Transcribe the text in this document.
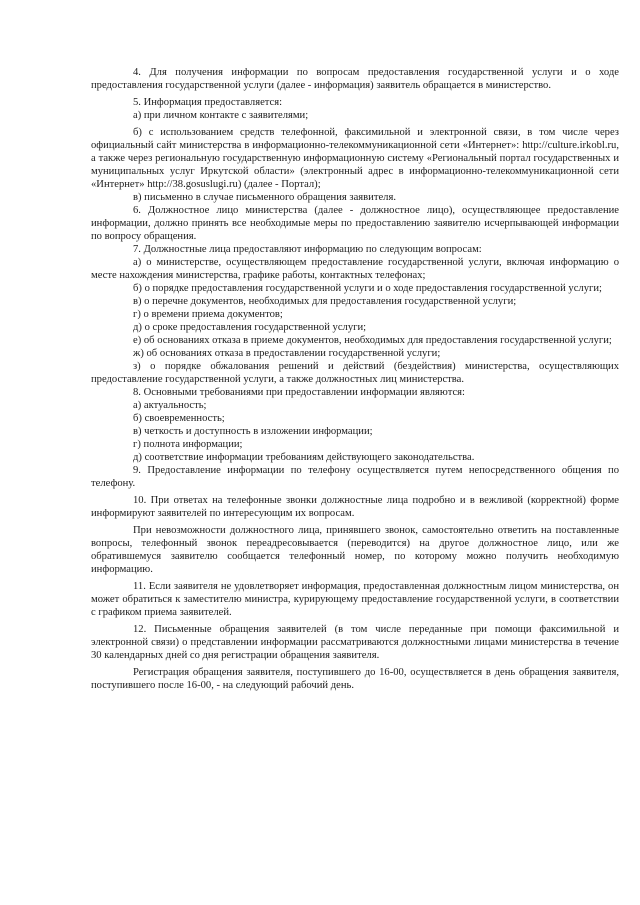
4. Для получения информации по вопросам предоставления государственной услуги и о ходе предоставления государственной услуги (далее - информация) заявитель обращается в министерство.

5. Информация предоставляется:

а) при личном контакте с заявителями;

б) с использованием средств телефонной, факсимильной и электронной связи, в том числе через официальный сайт министерства в информационно-телекоммуникационной сети «Интернет»: http://culture.irkobl.ru, а также через региональную государственную информационную систему «Региональный портал государственных и муниципальных услуг Иркутской области» (электронный адрес в информационно-телекоммуникационной сети «Интернет» http://38.gosuslugi.ru) (далее - Портал);

в) письменно в случае письменного обращения заявителя.

6. Должностное лицо министерства (далее - должностное лицо), осуществляющее предоставление информации, должно принять все необходимые меры по предоставлению заявителю исчерпывающей информации по вопросу обращения.

7. Должностные лица предоставляют информацию по следующим вопросам:

а) о министерстве, осуществляющем предоставление государственной услуги, включая информацию о месте нахождения министерства, графике работы, контактных телефонах;

б) о порядке предоставления государственной услуги и о ходе предоставления государственной услуги;

в) о перечне документов, необходимых для предоставления государственной услуги;

г) о времени приема документов;

д) о сроке предоставления государственной услуги;

е) об основаниях отказа в приеме документов, необходимых для предоставления государственной услуги;

ж) об основаниях отказа в предоставлении государственной услуги;

з) о порядке обжалования решений и действий (бездействия) министерства, осуществляющих предоставление государственной услуги, а также должностных лиц министерства.

8. Основными требованиями при предоставлении информации являются:

а) актуальность;

б) своевременность;

в) четкость и доступность в изложении информации;

г) полнота информации;

д) соответствие информации требованиям действующего законодательства.

9. Предоставление информации по телефону осуществляется путем непосредственного общения по телефону.

10. При ответах на телефонные звонки должностные лица подробно и в вежливой (корректной) форме информируют заявителей по интересующим их вопросам.

При невозможности должностного лица, принявшего звонок, самостоятельно ответить на поставленные вопросы, телефонный звонок переадресовывается (переводится) на другое должностное лицо, или же обратившемуся заявителю сообщается телефонный номер, по которому можно получить необходимую информацию.

11. Если заявителя не удовлетворяет информация, предоставленная должностным лицом министерства, он может обратиться к заместителю министра, курирующему предоставление государственной услуги, в соответствии с графиком приема заявителей.

12. Письменные обращения заявителей (в том числе переданные при помощи факсимильной и электронной связи) о представлении информации рассматриваются должностными лицами министерства в течение 30 календарных дней со дня регистрации обращения заявителя.

Регистрация обращения заявителя, поступившего до 16-00, осуществляется в день обращения заявителя, поступившего после 16-00, - на следующий рабочий день.
